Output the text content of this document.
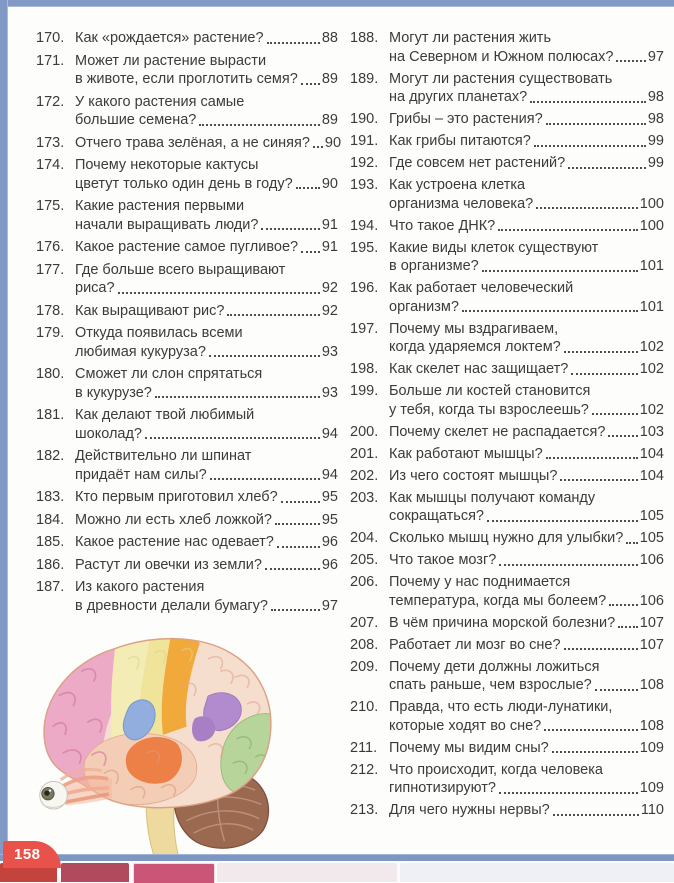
170. Как «рождается» растение?	88
171. Может ли растение вырасти
в животе, если проглотить семя? 89
172. У какого растения самые
большие семена?	89
173. Отчего трава зелёная, а не синяя? 90
174. Почему некоторые кактусы
цветут только один день в году? 90
175. Какие растения первыми
начали выращивать люди?	91
176. Какое растение самое пугливое? 91
177. Где больше всего выращивают
риса?	92
178. Как выращивают рис?	92
179. Откуда появилась всеми
любимая кукуруза?	93
180. Сможет ли слон спрятаться
в кукурузе?	93
181. Как делают твой любимый
шоколад?	94
182. Действительно ли шпинат
придаёт нам силы?	94
183. Кто первым приготовил хлеб?	95
184. Можно ли есть хлеб ложкой?	95
185. Какое растение нас одевает?	96
186. Растут ли овечки из земли?	96
187. Из какого растения
в древности делали бумагу?	97
188. Могут ли растения жить
на Северном и Южном полюсах? 97
189. Могут ли растения существовать
на других планетах?	98
190. Грибы – это растения?	98
191. Как грибы питаются?	99
192. Где совсем нет растений?	99
193. Как устроена клетка
организма человека?	100
194. Что такое ДНК?	100
195. Какие виды клеток существуют
в организме?	101
196. Как работает человеческий
организм?	101
197. Почему мы вздрагиваем,
когда ударяемся локтем?	102
198. Как скелет нас защищает?	102
199. Больше ли костей становится
у тебя, когда ты взрослеешь?	102
200. Почему скелет не распадается? 103
201. Как работают мышцы?	104
202. Из чего состоят мышцы?	104
203. Как мышцы получают команду
сокращаться?	105
204. Сколько мышц нужно для улыбки? 105
205. Что такое мозг?	106
206. Почему у нас поднимается
температура, когда мы болеем? 106
207. В чём причина морской болезни? 107
208. Работает ли мозг во сне?	107
209. Почему дети должны ложиться
спать раньше, чем взрослые?	108
210. Правда, что есть люди-лунатики,
которые ходят во сне?	108
211. Почему мы видим сны?	109
212. Что происходит, когда человека
гипнотизируют?	109
213. Для чего нужны нервы?	110
158
